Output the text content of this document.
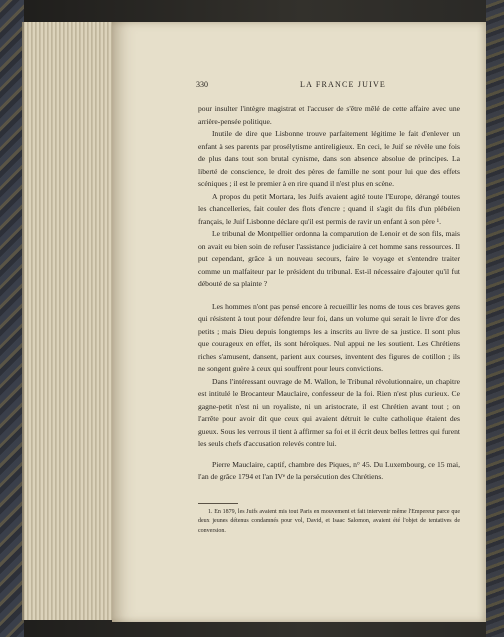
330	LA FRANCE JUIVE

pour insulter l'intègre magistrat et l'accuser de s'être mêlé de cette affaire avec une arrière-pensée politique.

Inutile de dire que Lisbonne trouve parfaitement légitime le fait d'enlever un enfant à ses parents par prosélytisme antireligieux. En ceci, le Juif se révèle une fois de plus dans tout son brutal cynisme, dans son absence absolue de principes. La liberté de conscience, le droit des pères de famille ne sont pour lui que des effets scéniques ; il est le premier à en rire quand il n'est plus en scène.

A propos du petit Mortara, les Juifs avaient agité toute l'Europe, dérangé toutes les chancelleries, fait couler des flots d'encre ; quand il s'agit du fils d'un plébéien français, le Juif Lisbonne déclare qu'il est permis de ravir un enfant à son père ¹.

Le tribunal de Montpellier ordonna la comparution de Lenoir et de son fils, mais on avait eu bien soin de refuser l'assistance judiciaire à cet homme sans ressources. Il put cependant, grâce à un nouveau secours, faire le voyage et s'entendre traiter comme un malfaiteur par le président du tribunal. Est-il nécessaire d'ajouter qu'il fut débouté de sa plainte ?

Les hommes n'ont pas pensé encore à recueillir les noms de tous ces braves gens qui résistent à tout pour défendre leur foi, dans un volume qui serait le livre d'or des petits ; mais Dieu depuis longtemps les a inscrits au livre de sa justice. Il sont plus que courageux en effet, ils sont héroïques. Nul appui ne les soutient. Les Chrétiens riches s'amusent, dansent, parient aux courses, inventent des figures de cotillon ; ils ne songent guère à ceux qui souffrent pour leurs convictions.

Dans l'intéressant ouvrage de M. Wallon, le Tribunal révolutionnaire, un chapitre est intitulé le Brocanteur Mauclaire, confesseur de la foi. Rien n'est plus curieux. Ce gagne-petit n'est ni un royaliste, ni un aristocrate, il est Chrétien avant tout ; on l'arrête pour avoir dit que ceux qui avaient détruit le culte catholique étaient des gueux. Sous les verrous il tient à affirmer sa foi et il écrit deux belles lettres qui furent les seuls chefs d'accusation relevés contre lui.

Pierre Mauclaire, captif, chambre des Piques, n° 45. Du Luxembourg, ce 15 mai, l'an de grâce 1794 et l'an IVᵉ de la persécution des Chrétiens.

1. En 1879, les Juifs avaient mis tout Paris en mouvement et fait intervenir même l'Empereur parce que deux jeunes détenus condamnés pour vol, David, et Isaac Salomon, avaient été l'objet de tentatives de conversion.
